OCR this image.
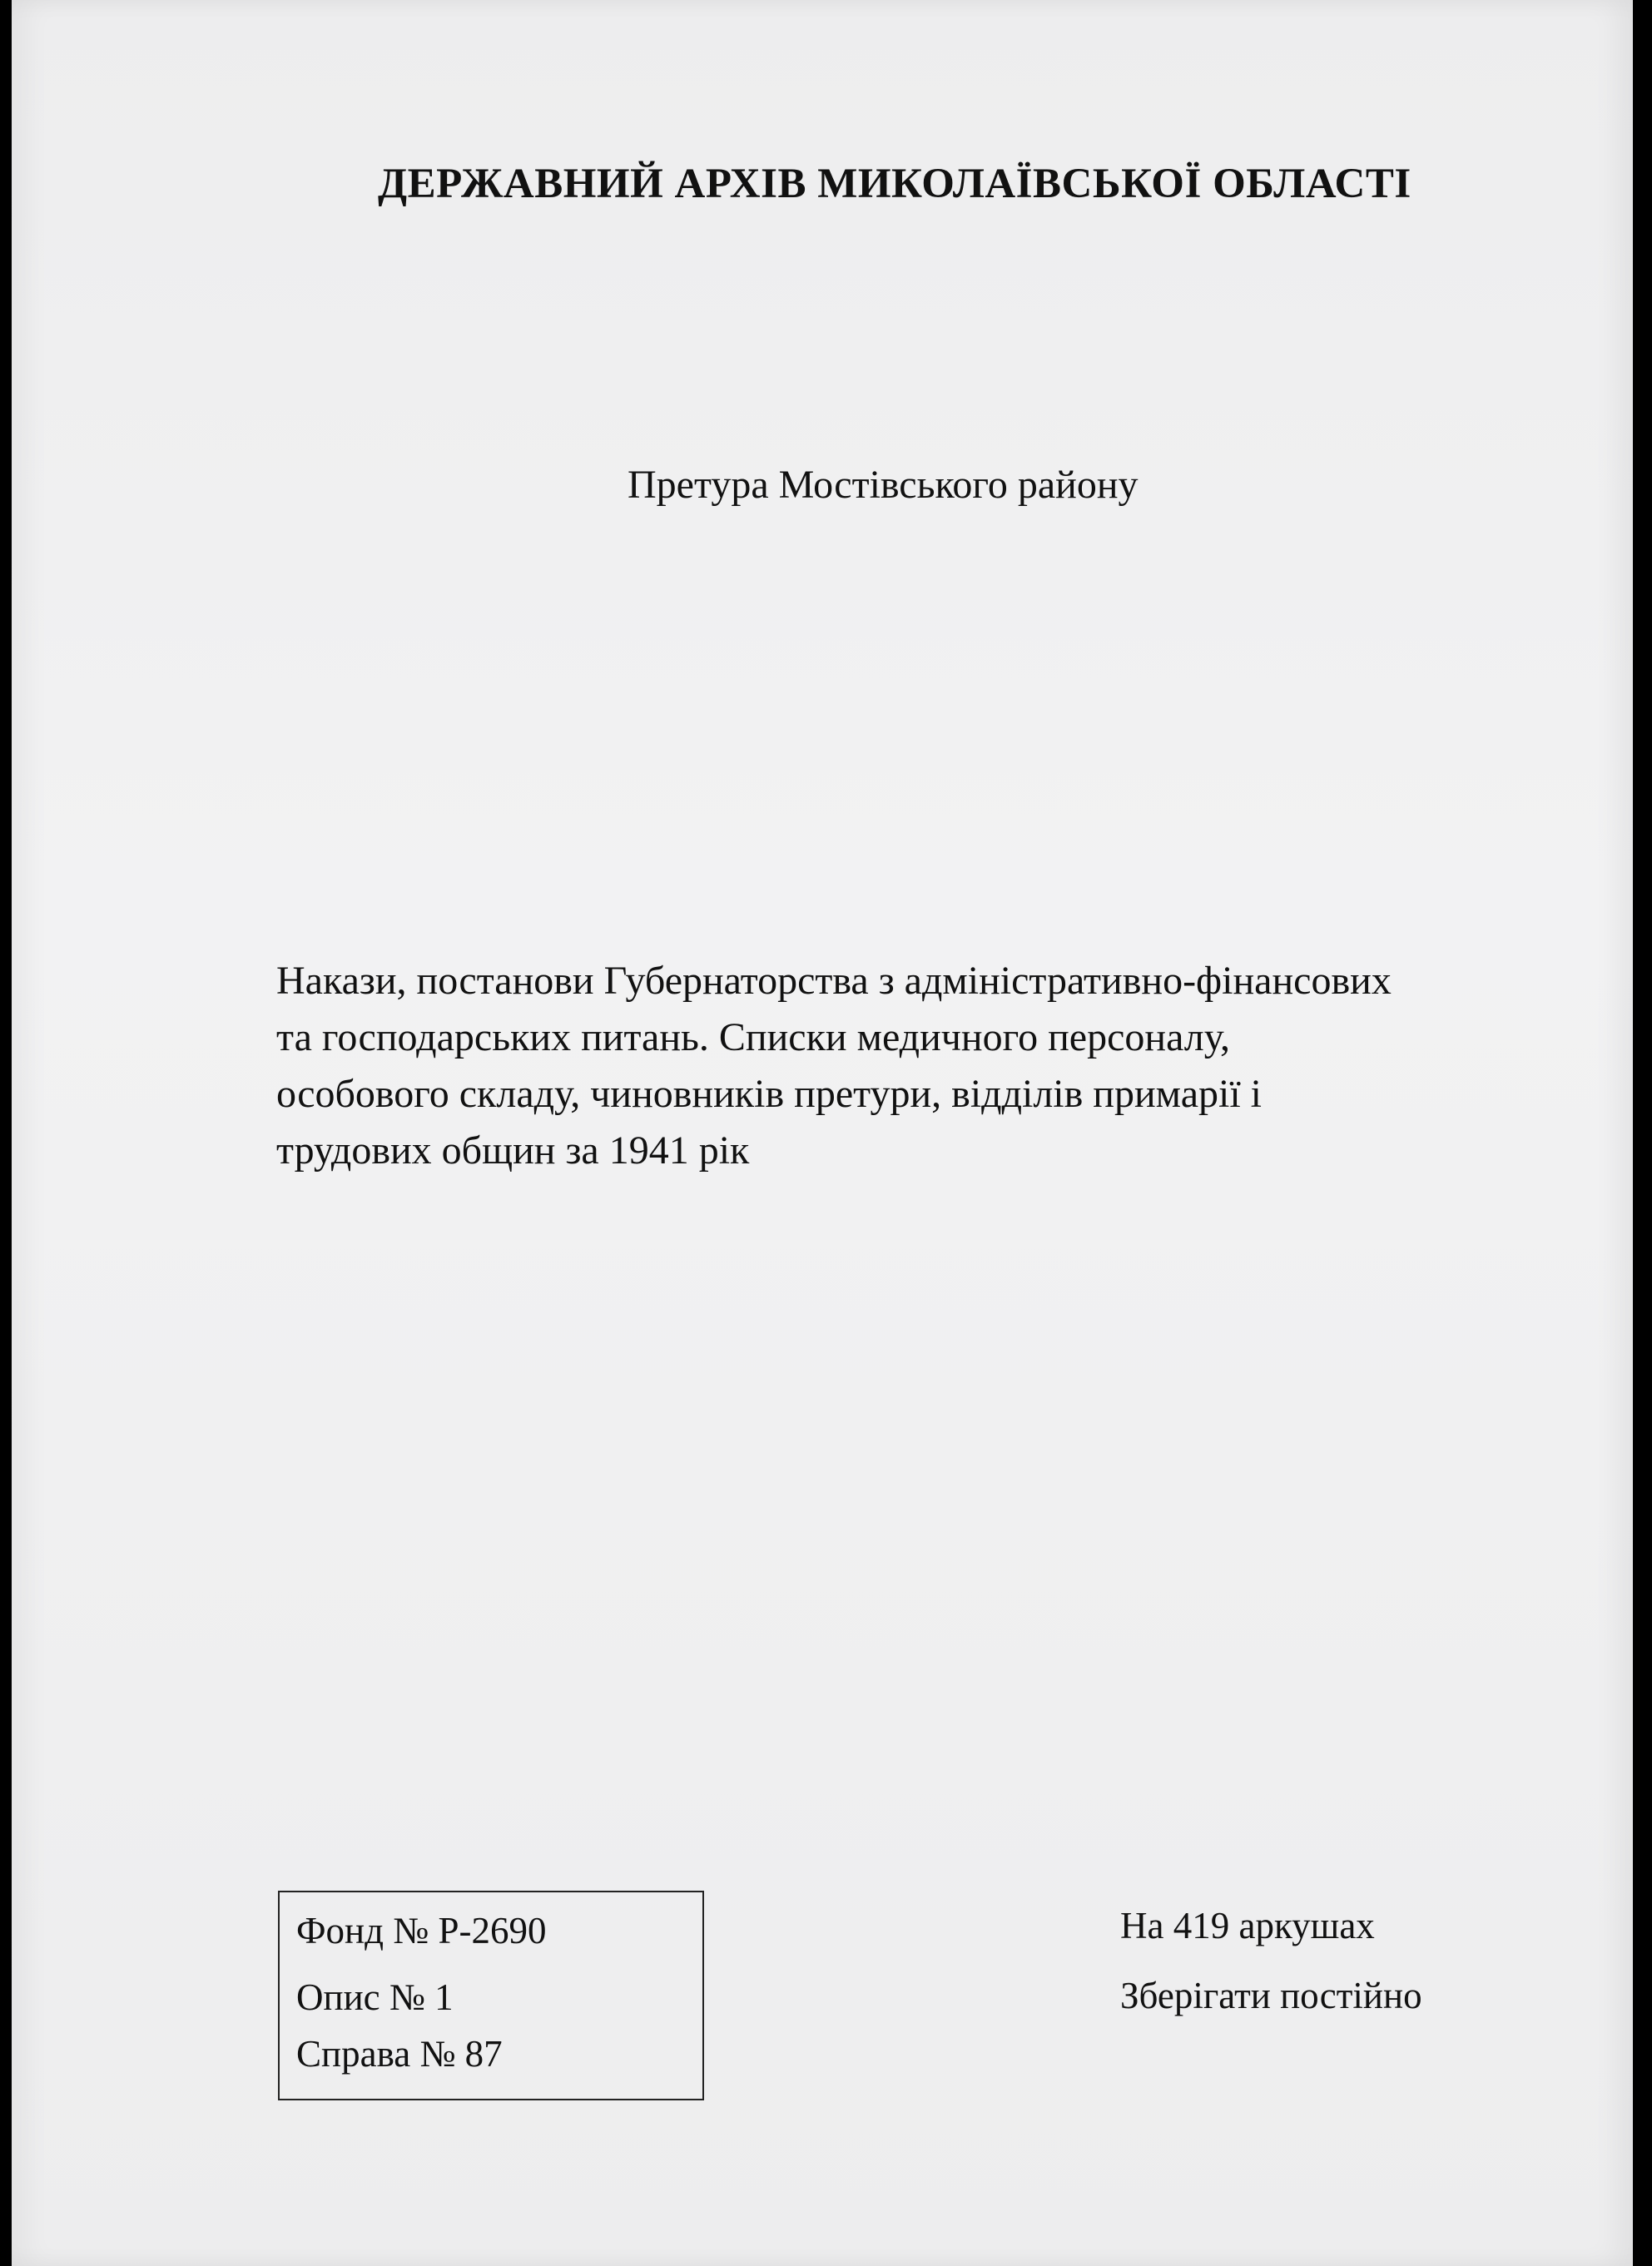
ДЕРЖАВНИЙ АРХІВ МИКОЛАЇВСЬКОЇ ОБЛАСТІ
Претура Мостівського району
Накази, постанови Губернаторства з адміністративно-фінансових
та господарських питань. Списки медичного персоналу,
особового складу, чиновників претури, відділів примарії і
трудових общин за 1941 рік
Фонд № Р-2690
Опис № 1
Справа № 87
На 419 аркушах
Зберігати постійно
